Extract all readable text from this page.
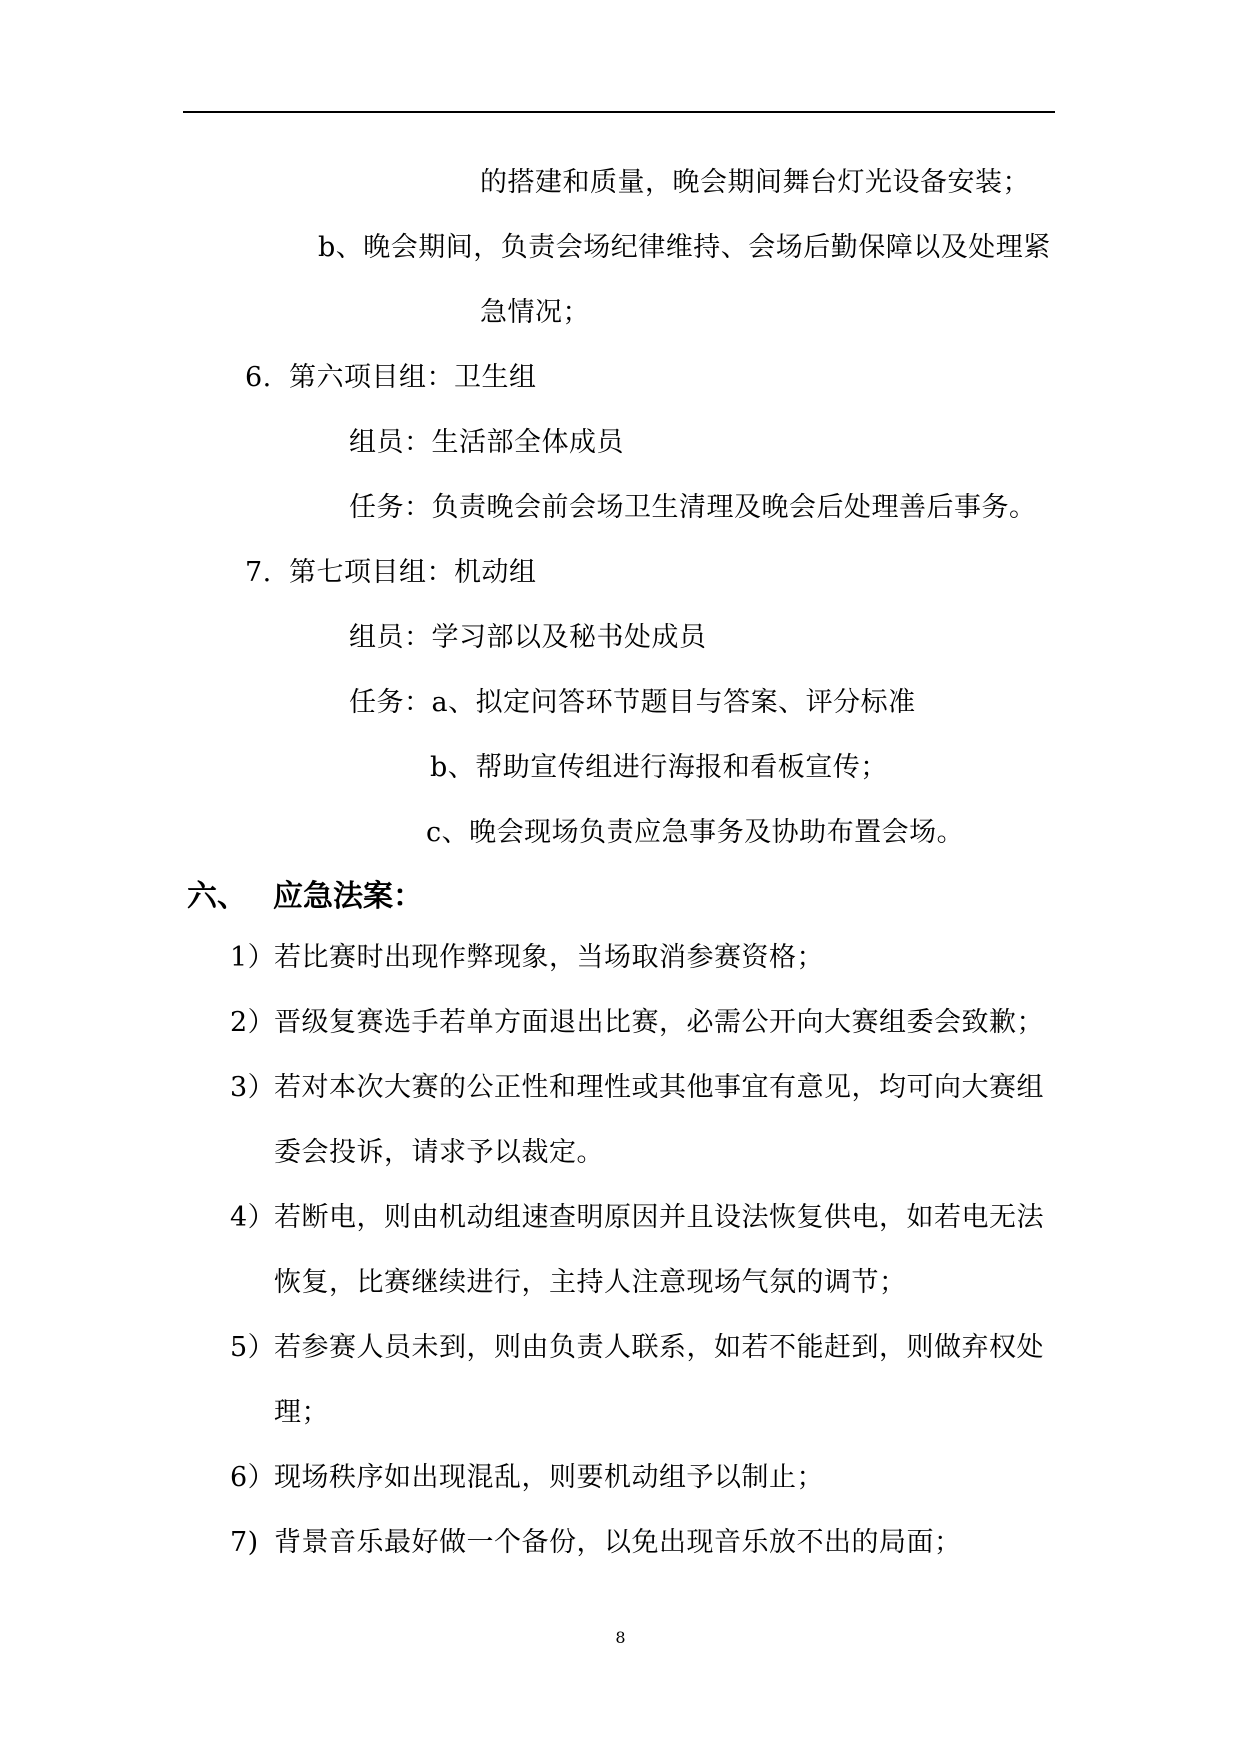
的搭建和质量，晚会期间舞台灯光设备安装；
b、晚会期间，负责会场纪律维持、会场后勤保障以及处理紧
急情况；
6. 第六项目组：卫生组
组员：生活部全体成员
任务：负责晚会前会场卫生清理及晚会后处理善后事务。
7. 第七项目组：机动组
组员：学习部以及秘书处成员
任务：a、拟定问答环节题目与答案、评分标准
b、帮助宣传组进行海报和看板宣传；
c、晚会现场负责应急事务及协助布置会场。
六、 应急法案：
1）若比赛时出现作弊现象，当场取消参赛资格；
2）晋级复赛选手若单方面退出比赛，必需公开向大赛组委会致歉；
3）若对本次大赛的公正性和理性或其他事宜有意见，均可向大赛组
委会投诉，请求予以裁定。
4）若断电，则由机动组速查明原因并且设法恢复供电，如若电无法
恢复，比赛继续进行，主持人注意现场气氛的调节；
5）若参赛人员未到，则由负责人联系，如若不能赶到，则做弃权处
理；
6）现场秩序如出现混乱，则要机动组予以制止；
7) 背景音乐最好做一个备份，以免出现音乐放不出的局面；
8
